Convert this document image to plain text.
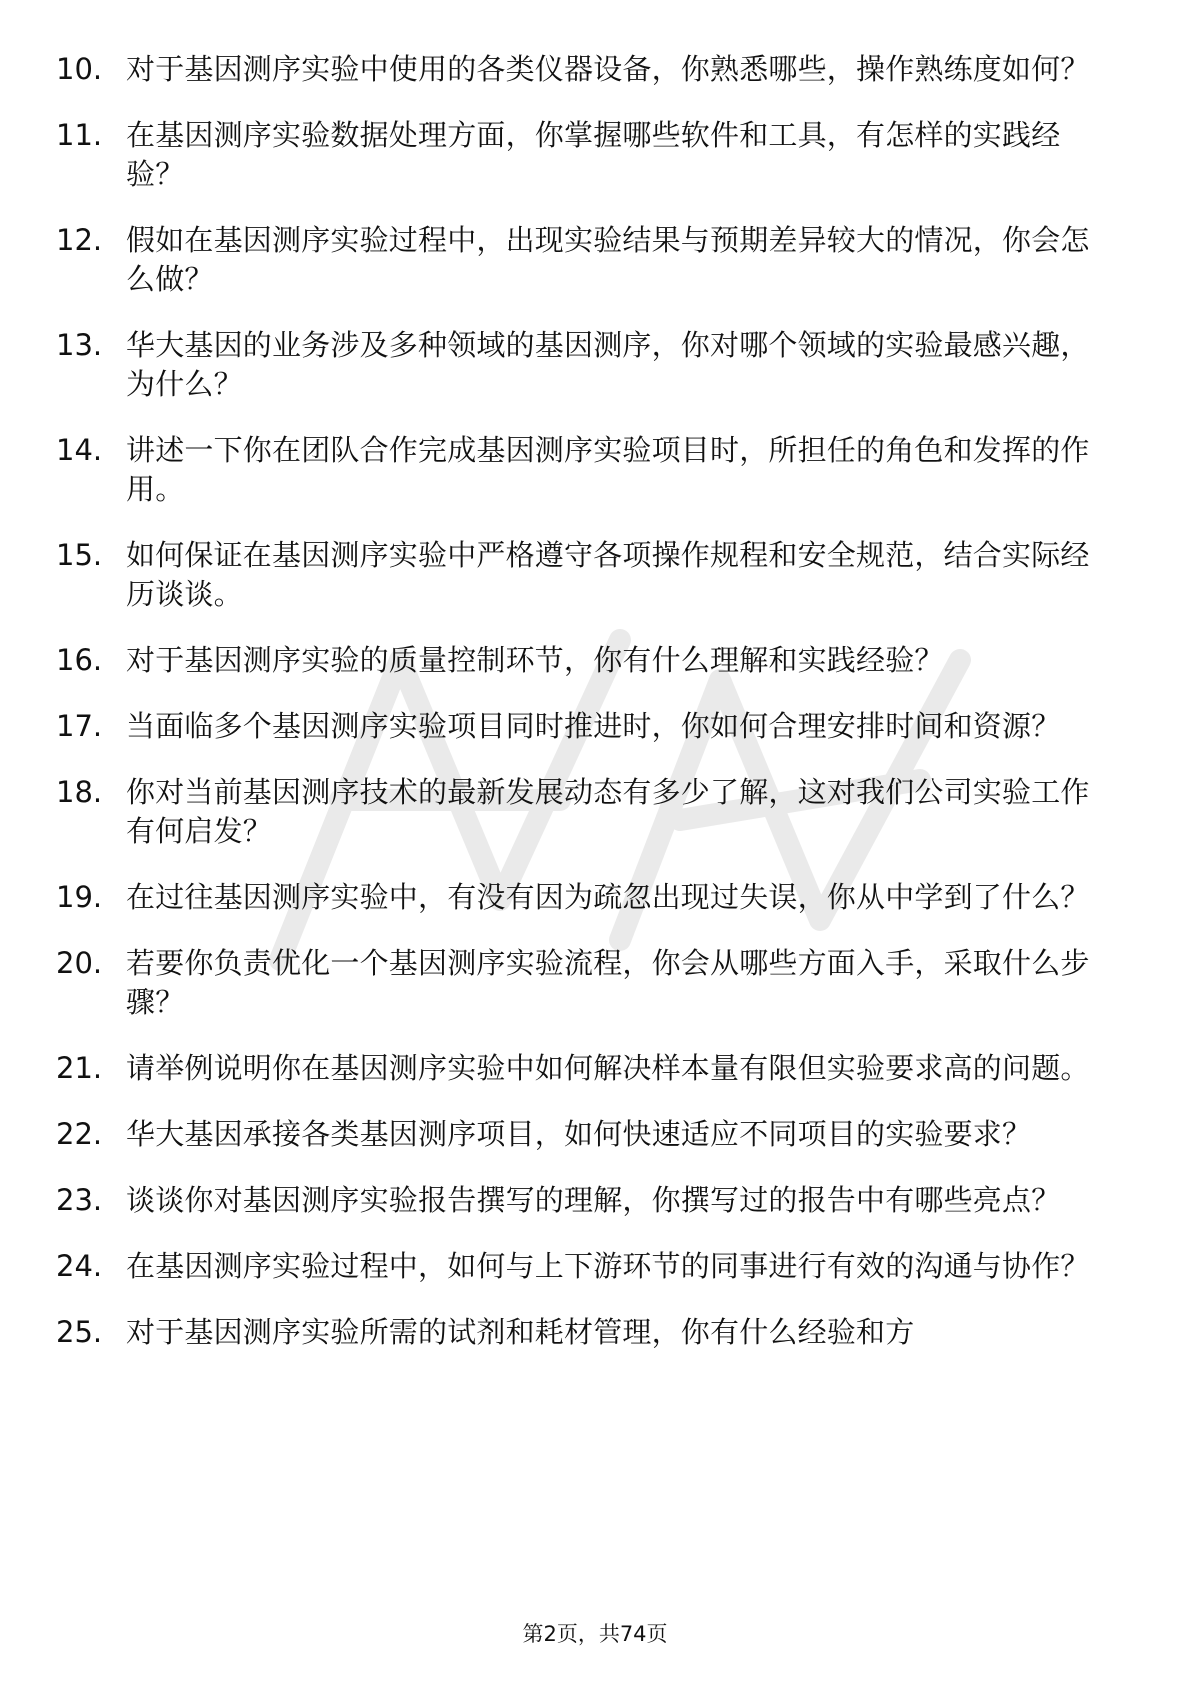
10. 对于基因测序实验中使用的各类仪器设备，你熟悉哪些，操作熟练度如何？
11. 在基因测序实验数据处理方面，你掌握哪些软件和工具，有怎样的实践经验？
12. 假如在基因测序实验过程中，出现实验结果与预期差异较大的情况，你会怎么做？
13. 华大基因的业务涉及多种领域的基因测序，你对哪个领域的实验最感兴趣，为什么？
14. 讲述一下你在团队合作完成基因测序实验项目时，所担任的角色和发挥的作用。
15. 如何保证在基因测序实验中严格遵守各项操作规程和安全规范，结合实际经历谈谈。
16. 对于基因测序实验的质量控制环节，你有什么理解和实践经验？
17. 当面临多个基因测序实验项目同时推进时，你如何合理安排时间和资源？
18. 你对当前基因测序技术的最新发展动态有多少了解，这对我们公司实验工作有何启发？
19. 在过往基因测序实验中，有没有因为疏忽出现过失误，你从中学到了什么？
20. 若要你负责优化一个基因测序实验流程，你会从哪些方面入手，采取什么步骤？
21. 请举例说明你在基因测序实验中如何解决样本量有限但实验要求高的问题。
22. 华大基因承接各类基因测序项目，如何快速适应不同项目的实验要求？
23. 谈谈你对基因测序实验报告撰写的理解，你撰写过的报告中有哪些亮点？
24. 在基因测序实验过程中，如何与上下游环节的同事进行有效的沟通与协作？
25. 对于基因测序实验所需的试剂和耗材管理，你有什么经验和方
第2页，共74页
